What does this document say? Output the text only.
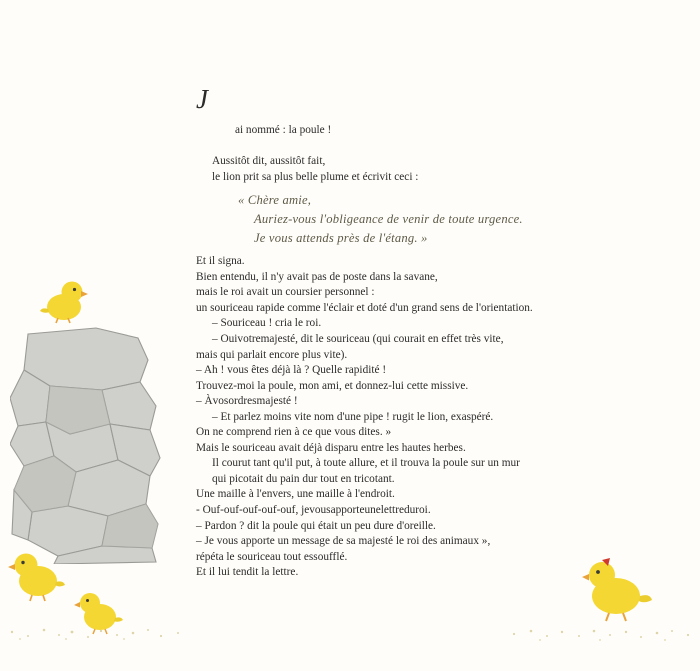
J

ai nommé : la poule !

Aussitôt dit, aussitôt fait,

le lion prit sa plus belle plume et écrivit ceci :

« Chère amie,

Auriez-vous l'obligeance de venir de toute urgence.

Je vous attends près de l'étang. »

Et il signa.

Bien entendu, il n'y avait pas de poste dans la savane,

mais le roi avait un coursier personnel :

un souriceau rapide comme l'éclair et doté d'un grand sens de l'orientation.

– Souriceau ! cria le roi.

– Ouivotremajesté, dit le souriceau (qui courait en effet très vite,

mais qui parlait encore plus vite).

– Ah ! vous êtes déjà là ? Quelle rapidité !

Trouvez-moi la poule, mon ami, et donnez-lui cette missive.

– Àvosordresmajesté !

– Et parlez moins vite nom d'une pipe ! rugit le lion, exaspéré.

On ne comprend rien à ce que vous dites. »

Mais le souriceau avait déjà disparu entre les hautes herbes.

Il courut tant qu'il put, à toute allure, et il trouva la poule sur un mur

qui picotait du pain dur tout en tricotant.

Une maille à l'envers, une maille à l'endroit.

- Ouf-ouf-ouf-ouf-ouf, jevousapporteunelettreduroi.

– Pardon ? dit la poule qui était un peu dure d'oreille.

– Je vous apporte un message de sa majesté le roi des animaux »,

répéta le souriceau tout essoufflé.

Et il lui tendit la lettre.
